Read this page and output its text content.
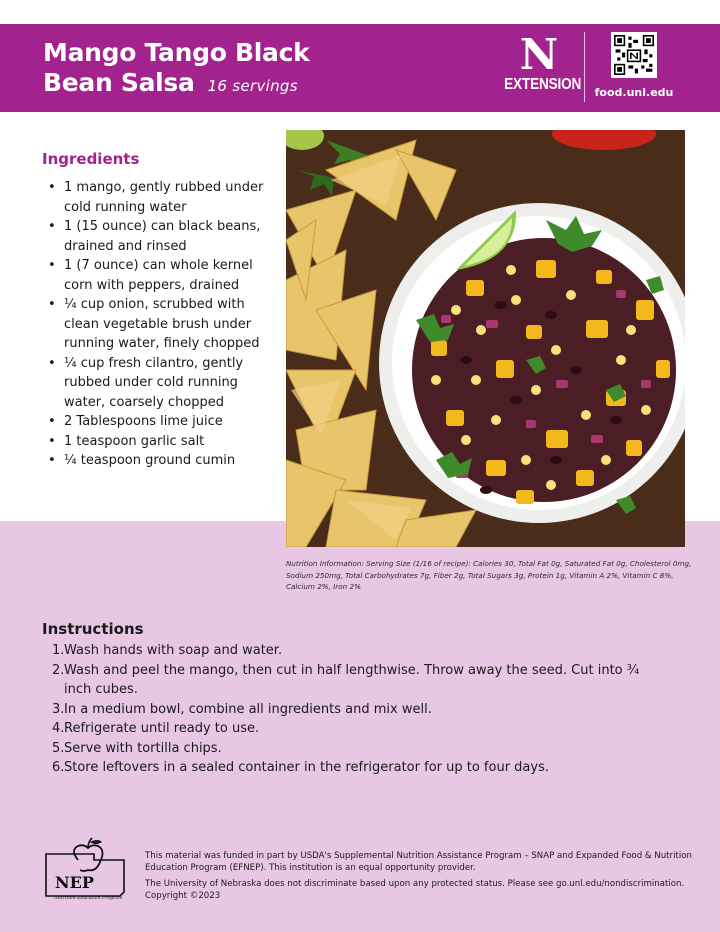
Mango Tango Black
Bean Salsa 16 servings
N
EXTENSION food.unl.edu
Ingredients
• 1 mango, gently rubbed under cold running water
• 1 (15 ounce) can black beans, drained and rinsed
• 1 (7 ounce) can whole kernel corn with peppers, drained
• ¼ cup onion, scrubbed with clean vegetable brush under running water, finely chopped
• ¼ cup fresh cilantro, gently rubbed under cold running water, coarsely chopped
• 2 Tablespoons lime juice
• 1 teaspoon garlic salt
• ¼ teaspoon ground cumin
Nutrition Information: Serving Size (1/16 of recipe): Calories 30, Total Fat 0g, Saturated Fat 0g, Cholesterol 0mg, Sodium 250mg, Total Carbohydrates 7g, Fiber 2g, Total Sugars 3g, Protein 1g, Vitamin A 2%, Vitamin C 8%, Calcium 2%, Iron 2%
Instructions
1. Wash hands with soap and water.
2. Wash and peel the mango, then cut in half lengthwise. Throw away the seed. Cut into ¾ inch cubes.
3. In a medium bowl, combine all ingredients and mix well.
4. Refrigerate until ready to use.
5. Serve with tortilla chips.
6. Store leftovers in a sealed container in the refrigerator for up to four days.
NEP
Nutrition Education Program
This material was funded in part by USDA's Supplemental Nutrition Assistance Program – SNAP and Expanded Food & Nutrition Education Program (EFNEP). This institution is an equal opportunity provider.
The University of Nebraska does not discriminate based upon any protected status. Please see go.unl.edu/nondiscrimination. Copyright ©2023
